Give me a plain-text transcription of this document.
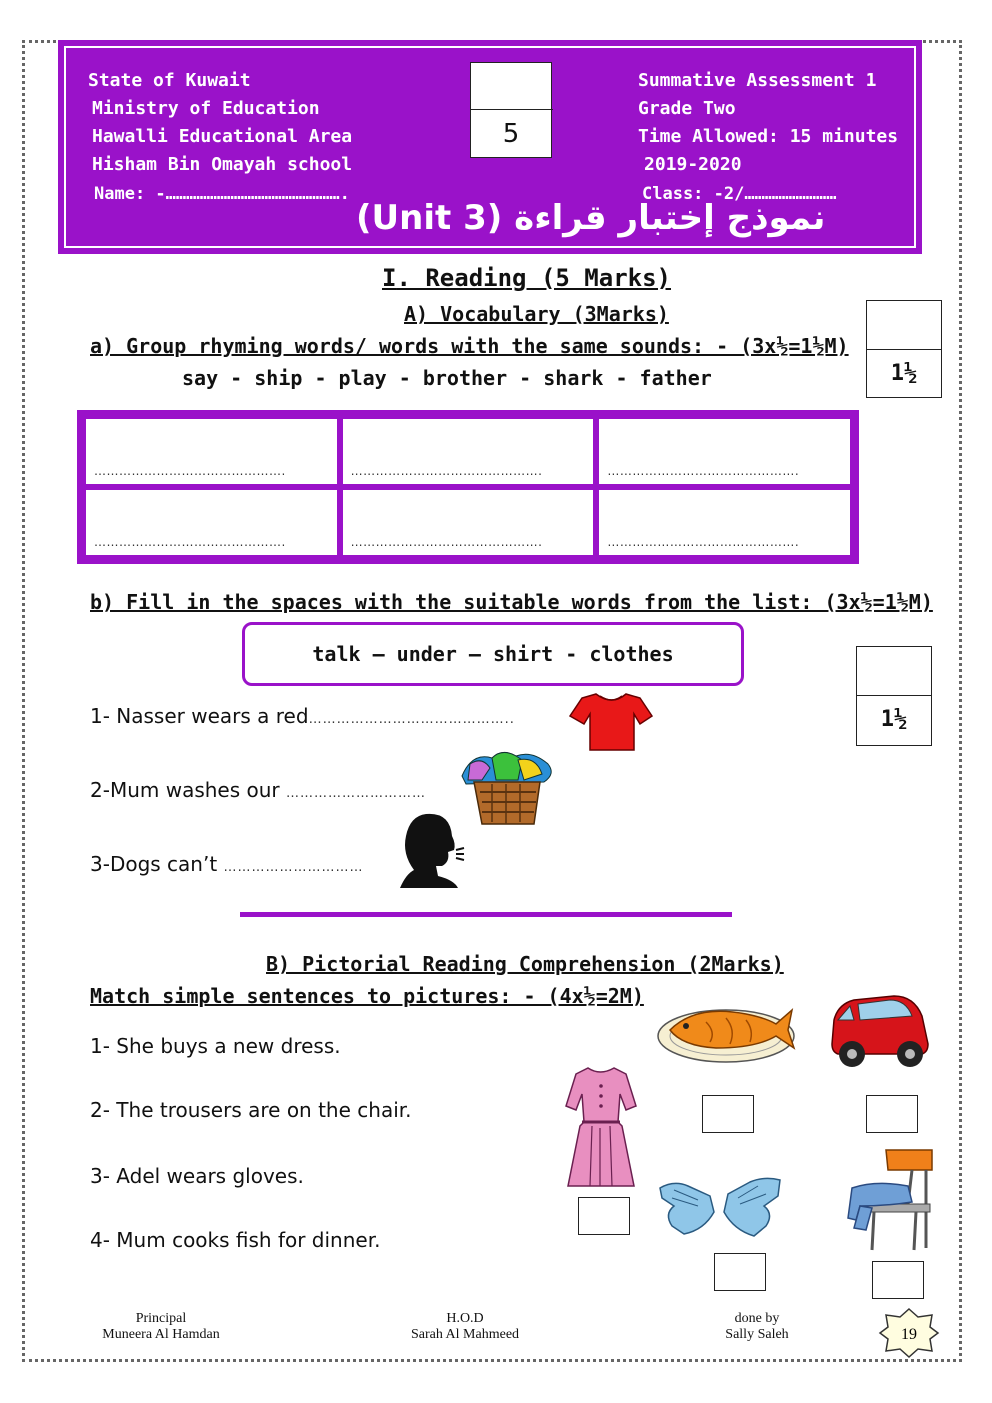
State of Kuwait
Ministry of Education
Hawalli Educational Area
Hisham Bin Omayah school
Name: -…………………………………………….
Summative Assessment 1
Grade Two
Time Allowed: 15 minutes
2019-2020
Class: -2/………………………
5
(Unit 3) نموذج إختبار قراءة
I. Reading (5 Marks)
A) Vocabulary (3Marks)
a) Group rhyming words/ words with the same sounds: - (3x½=1½M)
say - ship - play - brother - shark - father	1½
……………………………………….	……………………………………….	……………………………………….
……………………………………….	……………………………………….	……………………………………….
b) Fill in the spaces with the suitable words from the list: (3x½=1½M)
talk – under – shirt - clothes
1½
1- Nasser wears a red……………………………………..
2-Mum washes our …………………………
3-Dogs can’t …………………………
B) Pictorial Reading Comprehension (2Marks)
Match simple sentences to pictures: - (4x½=2M)
1- She buys a new dress.
2- The trousers are on the chair.
3- Adel wears gloves.
4- Mum cooks fish for dinner.
Principal
Muneera Al Hamdan
H.O.D
Sarah Al Mahmeed
done by
Sally Saleh	19
